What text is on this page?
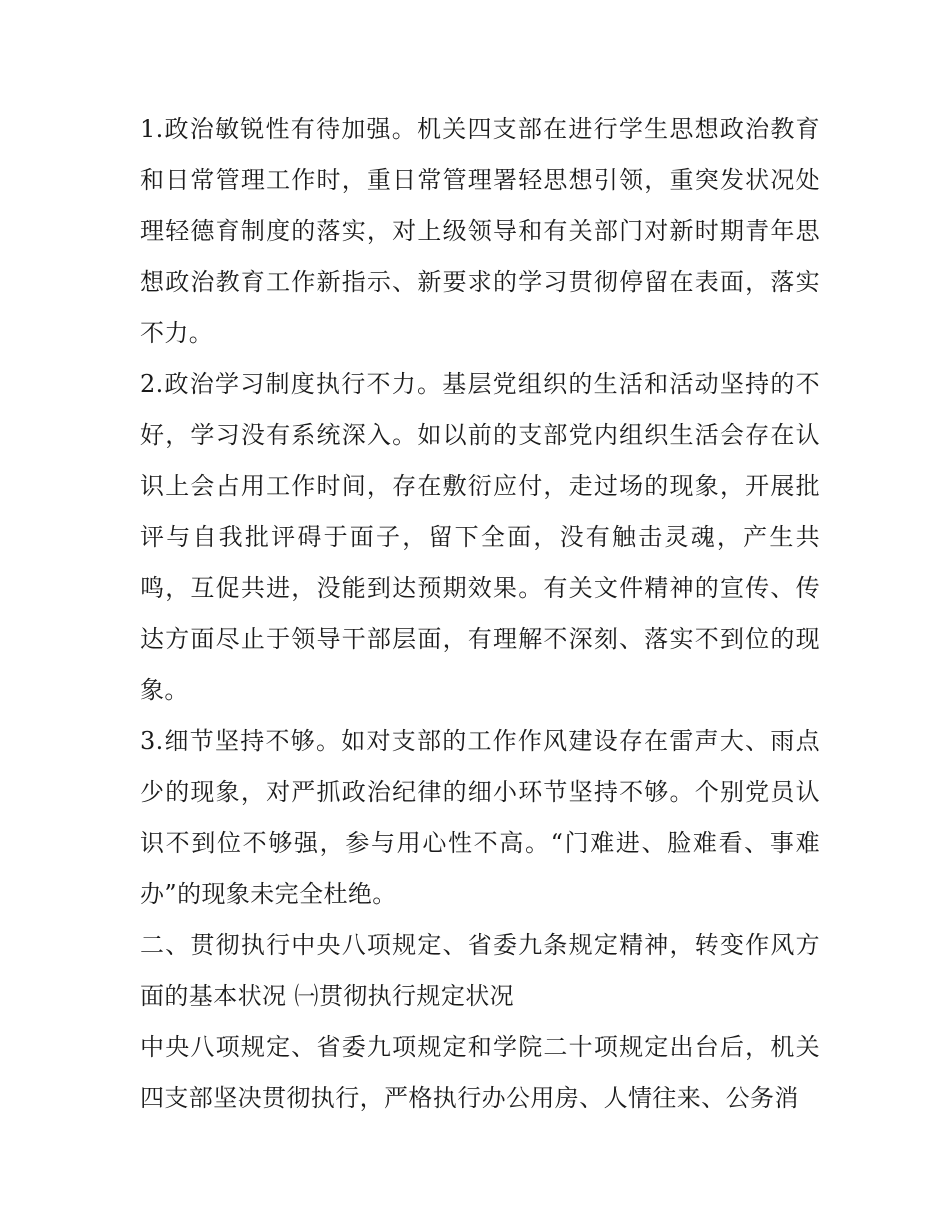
1.政治敏锐性有待加强。机关四支部在进行学生思想政治教育和日常管理工作时，重日常管理署轻思想引领，重突发状况处理轻德育制度的落实，对上级领导和有关部门对新时期青年思想政治教育工作新指示、新要求的学习贯彻停留在表面，落实不力。

2.政治学习制度执行不力。基层党组织的生活和活动坚持的不好，学习没有系统深入。如以前的支部党内组织生活会存在认识上会占用工作时间，存在敷衍应付，走过场的现象，开展批评与自我批评碍于面子，留下全面，没有触击灵魂，产生共鸣，互促共进，没能到达预期效果。有关文件精神的宣传、传达方面尽止于领导干部层面，有理解不深刻、落实不到位的现象。

3.细节坚持不够。如对支部的工作作风建设存在雷声大、雨点少的现象，对严抓政治纪律的细小环节坚持不够。个别党员认识不到位不够强，参与用心性不高。“门难进、脸难看、事难办”的现象未完全杜绝。

二、贯彻执行中央八项规定、省委九条规定精神，转变作风方面的基本状况 ㈠贯彻执行规定状况

中央八项规定、省委九项规定和学院二十项规定出台后，机关四支部坚决贯彻执行，严格执行办公用房、人情往来、公务消
